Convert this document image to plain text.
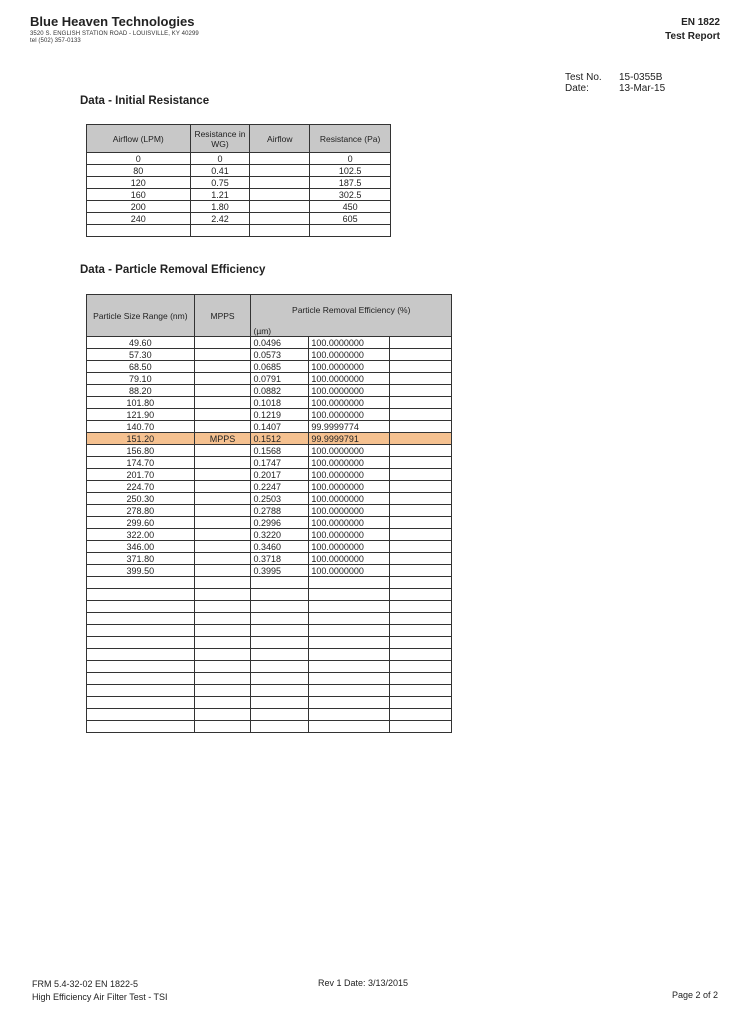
Blue Heaven Technologies
3520 S. ENGLISH STATION ROAD - LOUISVILLE, KY 40299
tel (502) 357-0133
EN 1822
Test Report
Test No. 15-0355B
Date:	13-Mar-15
Data - Initial Resistance
Airflow (LPM)	Resistance in WG)	Airflow	Resistance (Pa)
0	0		0
80	0.41		102.5
120	0.75		187.5
160	1.21		302.5
200	1.80		450
240	2.42		605

Data - Particle Removal Efficiency
Particle Size Range (nm)	MPPS	Particle Removal Efficiency (%)		
		(µm)		
49.60		0.0496	100.0000000	
57.30		0.0573	100.0000000	
68.50		0.0685	100.0000000	
79.10		0.0791	100.0000000	
88.20		0.0882	100.0000000	
101.80		0.1018	100.0000000	
121.90		0.1219	100.0000000	
140.70		0.1407	99.9999774	
151.20	MPPS	0.1512	99.9999791	
156.80		0.1568	100.0000000	
174.70		0.1747	100.0000000	
201.70		0.2017	100.0000000	
224.70		0.2247	100.0000000	
250.30		0.2503	100.0000000	
278.80		0.2788	100.0000000	
299.60		0.2996	100.0000000	
322.00		0.3220	100.0000000	
346.00		0.3460	100.0000000	
371.80		0.3718	100.0000000	
399.50		0.3995	100.0000000	

FRM 5.4-32-02 EN 1822-5
High Efficiency Air Filter Test - TSI
Rev 1 Date: 3/13/2015
Page 2 of 2
